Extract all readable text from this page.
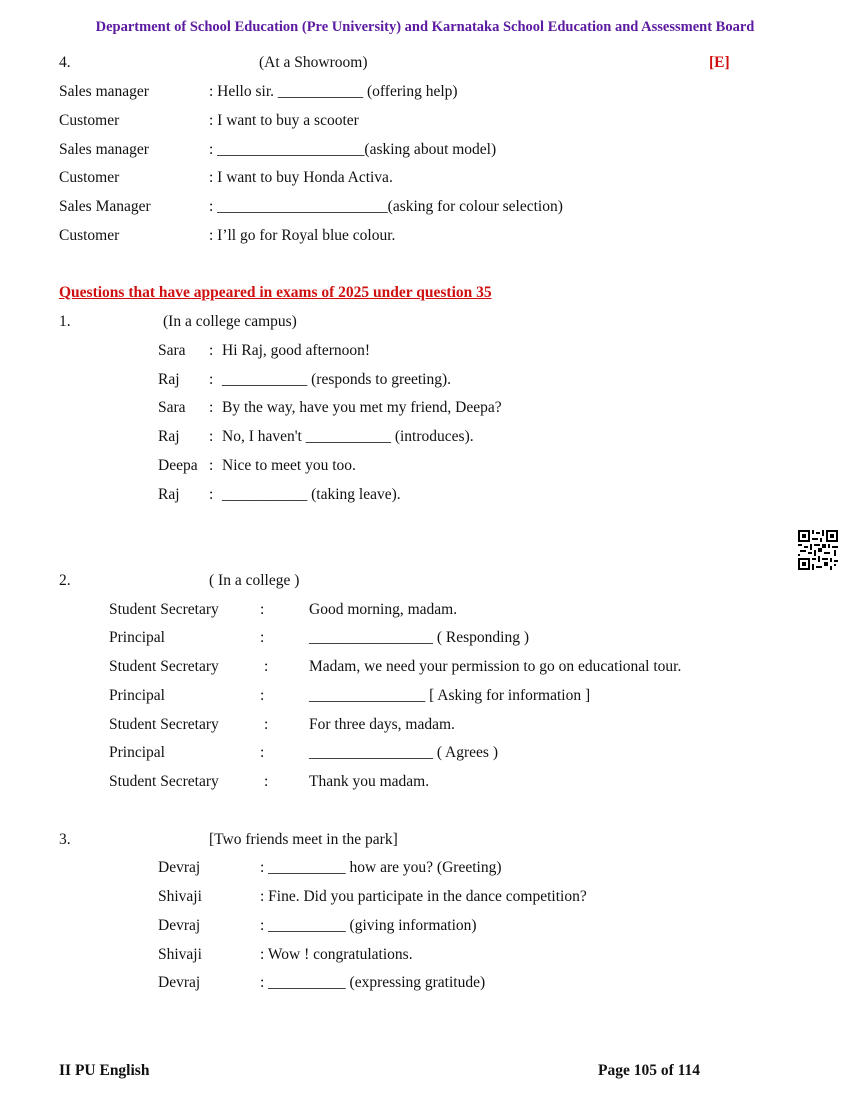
Department of School Education (Pre University) and Karnataka School Education and Assessment Board
4.	(At a Showroom)	[E]
Sales manager	: Hello sir. ___________ (offering help)
Customer	: I want to buy a scooter
Sales manager	: ___________________(asking about model)
Customer	: I want to buy Honda Activa.
Sales Manager	: ______________________(asking for colour selection)
Customer	: I’ll go for Royal blue colour.
Questions that have appeared in exams of 2025 under question 35
1.	(In a college campus)
Sara : Hi Raj, good afternoon!
Raj : ___________ (responds to greeting).
Sara : By the way, have you met my friend, Deepa?
Raj : No, I haven't ___________ (introduces).
Deepa : Nice to meet you too.
Raj : ___________ (taking leave).
2.	( In a college )
Student Secretary	:	Good morning, madam.
Principal	:	________________ ( Responding )
Student Secretary	:	Madam, we need your permission to go on educational tour.
Principal	:	_______________ [ Asking for information ]
Student Secretary	:	For three days, madam.
Principal	:	________________ ( Agrees )
Student Secretary	:	Thank you madam.
3.	[Two friends meet in the park]
Devraj	: __________ how are you? (Greeting)
Shivaji	: Fine. Did you participate in the dance competition?
Devraj	: __________ (giving information)
Shivaji	: Wow ! congratulations.
Devraj	: __________ (expressing gratitude)
II PU English	Page 105 of 114
